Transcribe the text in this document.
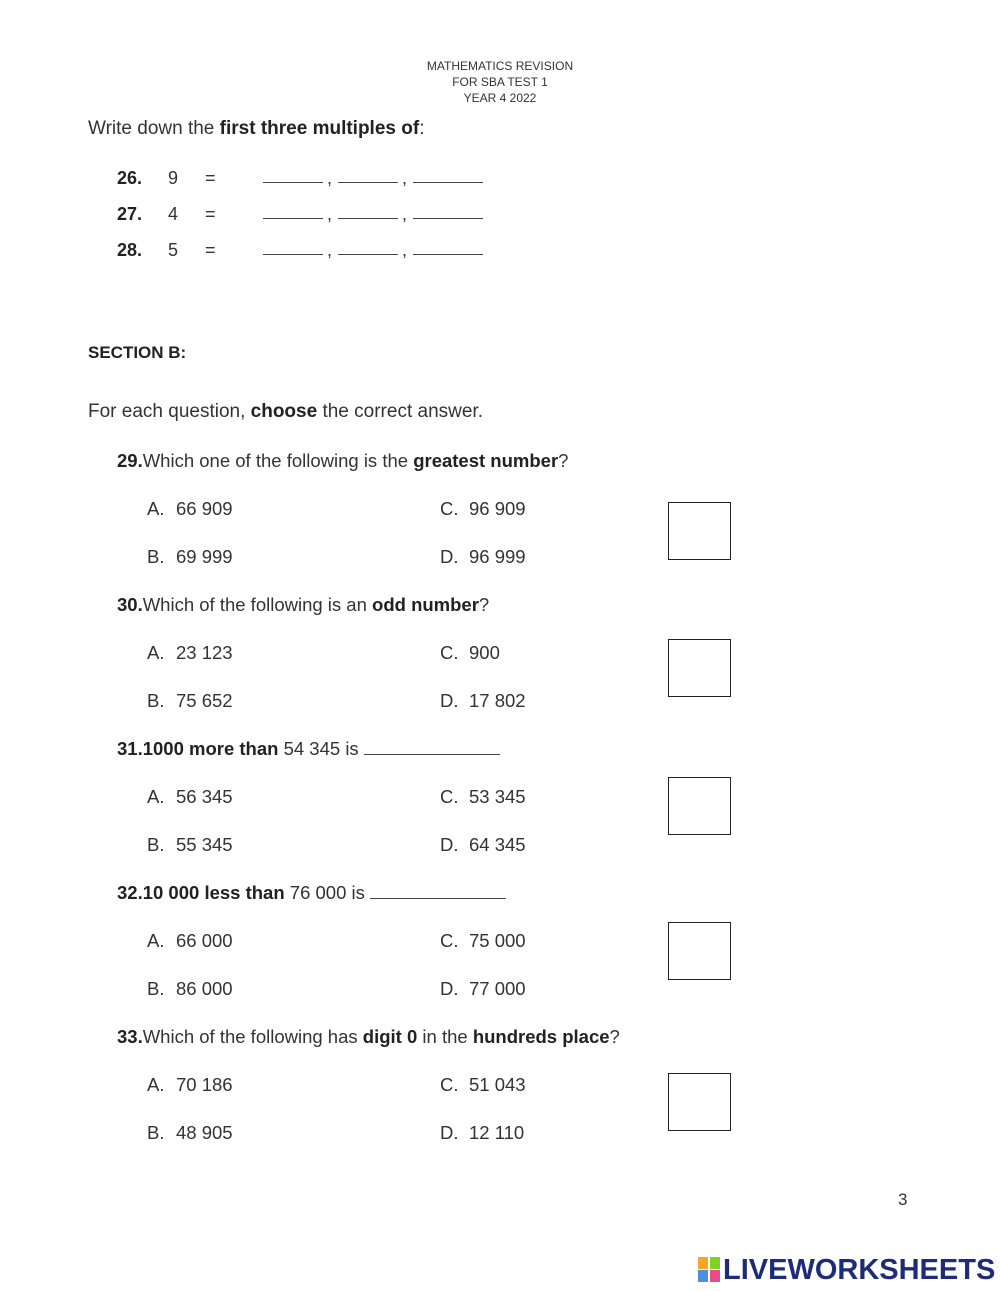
MATHEMATICS REVISION
FOR SBA TEST 1
YEAR 4 2022
Write down the first three multiples of:
26. 9 =	,	,
27. 4 =	,	,
28. 5 =	,	,
SECTION B:
For each question, choose the correct answer.
29.Which one of the following is the greatest number?
A. 66 909
B. 69 999
C. 96 909
D. 96 999
30.Which of the following is an odd number?
A. 23 123
B. 75 652
C. 900
D. 17 802
31.1000 more than 54 345 is
A. 56 345
B. 55 345
C. 53 345
D. 64 345
32.10 000 less than 76 000 is
A. 66 000
B. 86 000
C. 75 000
D. 77 000
33.Which of the following has digit 0 in the hundreds place?
A. 70 186
B. 48 905
C. 51 043
D. 12 110
3
LIVEWORKSHEETS
